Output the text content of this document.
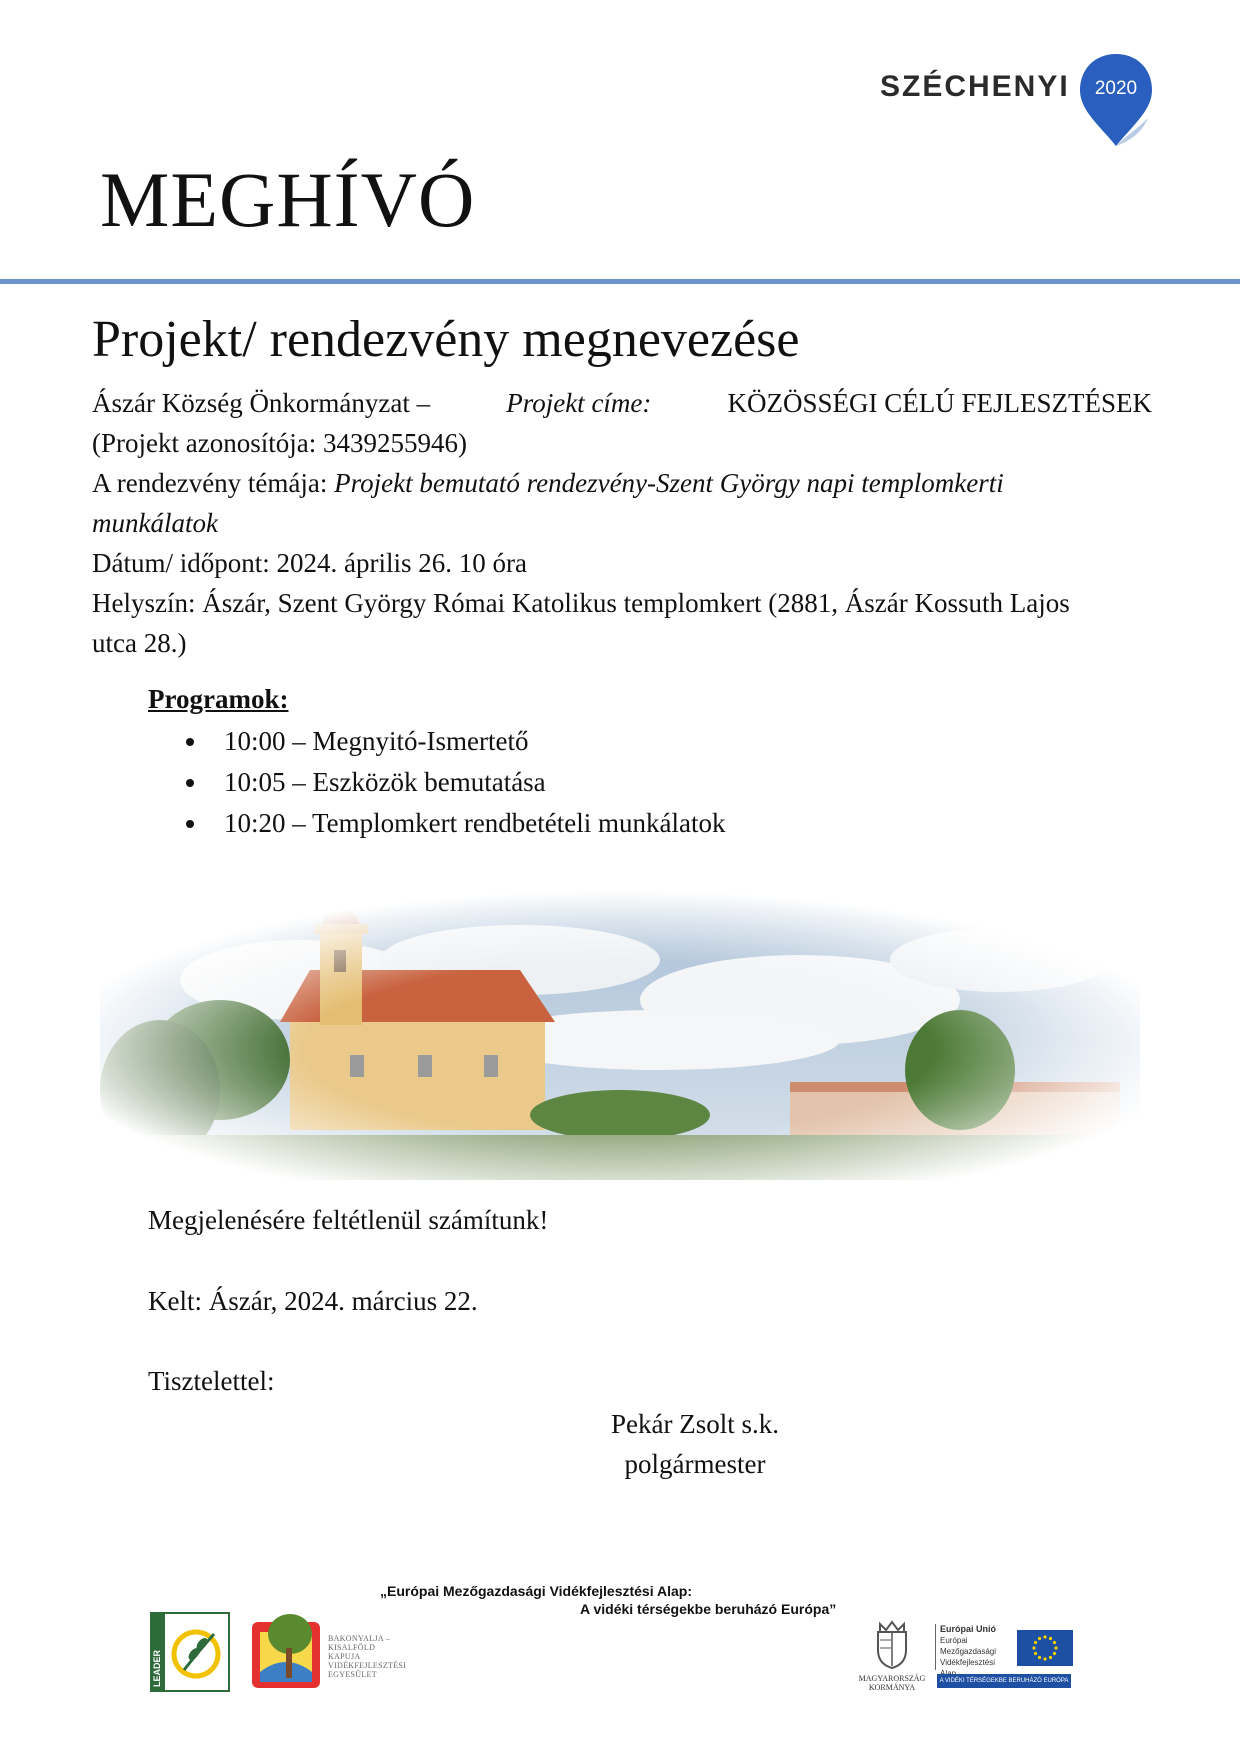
SZÉCHENYI 2020
MEGHÍVÓ
Projekt/ rendezvény megnevezése
Ászár Község Önkormányzat –	Projekt címe:	KÖZÖSSÉGI CÉLÚ FEJLESZTÉSEK
(Projekt azonosítója: 3439255946)
A rendezvény témája: Projekt bemutató rendezvény-Szent György napi templomkerti
munkálatok
Dátum/ időpont: 2024. április 26. 10 óra
Helyszín: Ászár, Szent György Római Katolikus templomkert (2881, Ászár Kossuth Lajos
utca 28.)
Programok:
10:00 – Megnyitó-Ismertető
10:05 – Eszközök bemutatása
10:20 – Templomkert rendbetételi munkálatok
Megjelenésére feltétlenül számítunk!
Kelt: Ászár, 2024. március 22.
Tisztelettel:
Pekár Zsolt s.k.
polgármester
„Európai Mezőgazdasági Vidékfejlesztési Alap:
A vidéki térségekbe beruházó Európa”
LEADER
BAKONYALJA –
KISALFÖLD
KAPUJA
VIDÉKFEJLESZTÉSI
EGYESÜLET	MAGYARORSZÁG
KORMÁNYA
Európai Unió
Európai Mezőgazdasági
Vidékfejlesztési
A VIDÉKI TÉRSÉGEKBE BERUHÁZÓ EURÓPA
